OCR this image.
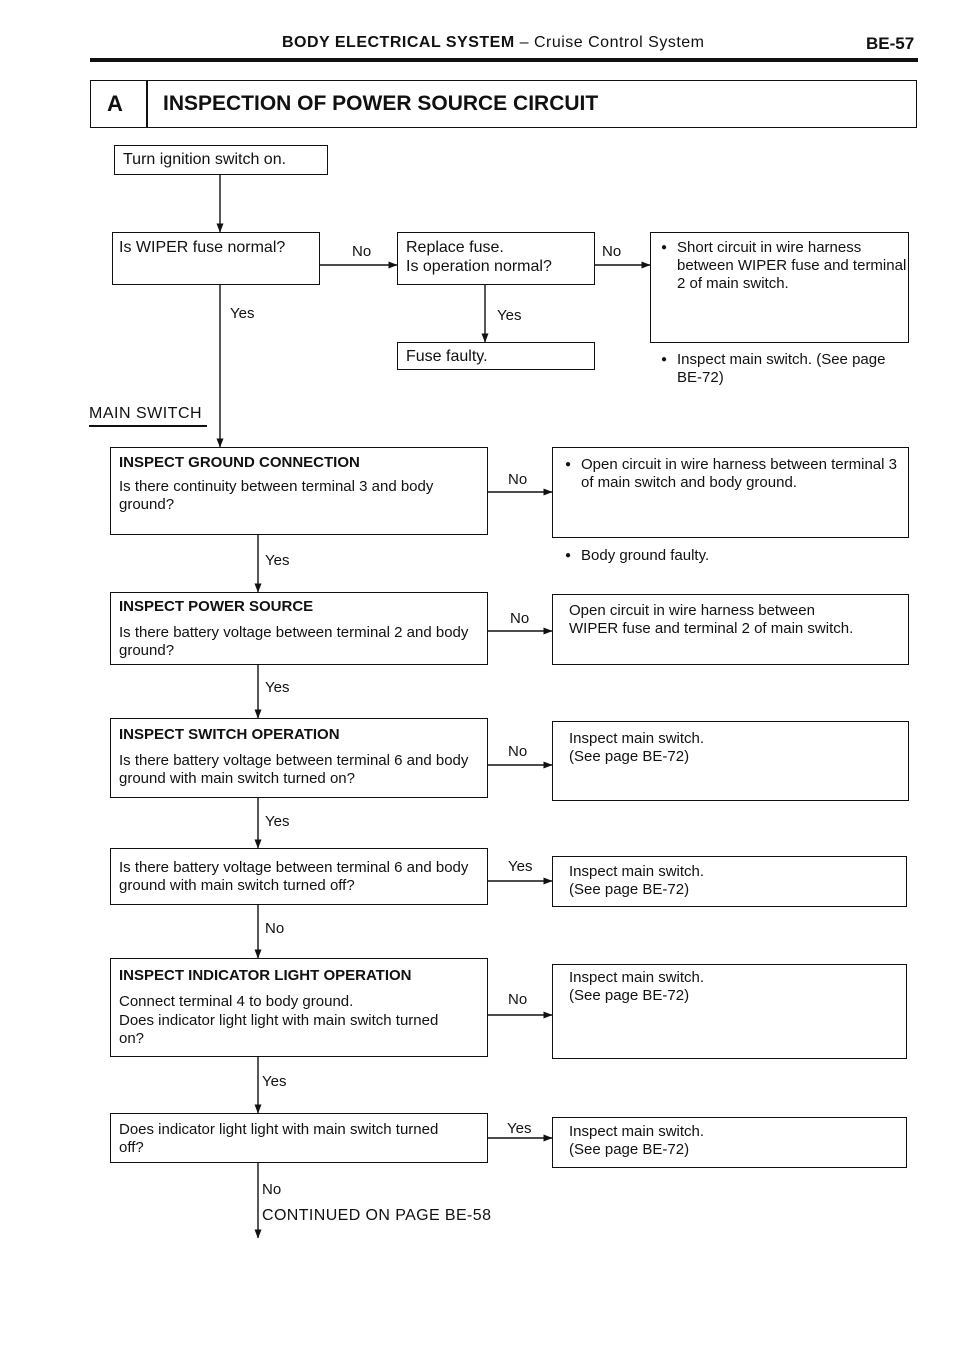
BODY ELECTRICAL SYSTEM – Cruise Control System	BE-57
A INSPECTION OF POWER SOURCE CIRCUIT
Turn ignition switch on.
Is WIPER fuse normal?	No
Yes
Replace fuse.
Is operation normal?
No
Yes
Fuse faulty.
● Short circuit in wire harness between WIPER fuse and terminal 2 of main switch.
● Inspect main switch. (See page BE-72)
MAIN SWITCH
INSPECT GROUND CONNECTION
Is there continuity between terminal 3 and body ground?
No
Yes
● Open circuit in wire harness between terminal 3 of main switch and body ground.
● Body ground faulty.
INSPECT POWER SOURCE
Is there battery voltage between terminal 2 and body ground?
No
Yes
Open circuit in wire harness between WIPER fuse and terminal 2 of main switch.
INSPECT SWITCH OPERATION
Is there battery voltage between terminal 6 and body ground with main switch turned on?
No
Yes
Inspect main switch.
(See page BE-72)
Is there battery voltage between terminal 6 and body ground with main switch turned off?
Yes
No
Inspect main switch.
(See page BE-72)
INSPECT INDICATOR LIGHT OPERATION
Connect terminal 4 to body ground.
Does indicator light light with main switch turned on?
No
Yes
Inspect main switch.
(See page BE-72)
Does indicator light light with main switch turned off?
Yes
No
Inspect main switch.
(See page BE-72)
CONTINUED ON PAGE BE-58
